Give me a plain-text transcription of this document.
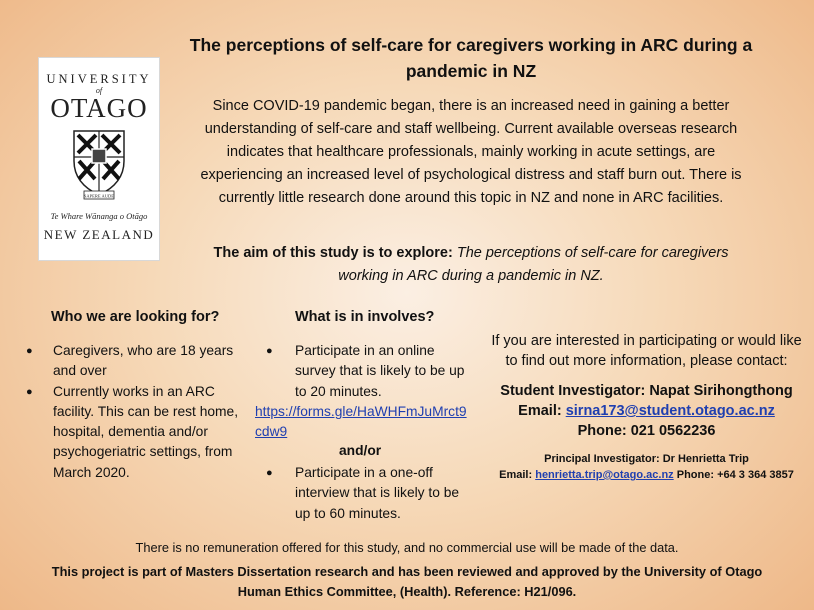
UNIVERSITY
of
OTAGO
SAPERE AUDE
Te Whare Wānanga o Otāgo
NEW ZEALAND
The perceptions of self-care for caregivers working in ARC during a pandemic in NZ
Since COVID-19 pandemic began, there is an increased need in gaining a better understanding of self-care and staff wellbeing. Current available overseas research indicates that healthcare professionals, mainly working in acute settings, are experiencing an increased level of psychological distress and staff burn out. There is currently little research done around this topic in NZ and none in ARC facilities.
The aim of this study is to explore: The perceptions of self-care for caregivers working in ARC during a pandemic in NZ.
Who we are looking for?
● Caregivers, who are 18 years and over
● Currently works in an ARC facility. This can be rest home, hospital, dementia and/or psychogeriatric settings, from March 2020.
What is in involves?
● Participate in an online survey that is likely to be up to 20 minutes.
https://forms.gle/HaWHFmJuMrct9cdw9
and/or
● Participate in a one-off interview that is likely to be up to 60 minutes.
If you are interested in participating or would like to find out more information, please contact:
Student Investigator: Napat Sirihongthong
Email: sirna173@student.otago.ac.nz
Phone: 021 0562236
Principal Investigator: Dr Henrietta Trip
Email: henrietta.trip@otago.ac.nz Phone: +64 3 364 3857
There is no remuneration offered for this study, and no commercial use will be made of the data.
This project is part of Masters Dissertation research and has been reviewed and approved by the University of Otago Human Ethics Committee, (Health). Reference: H21/096.
